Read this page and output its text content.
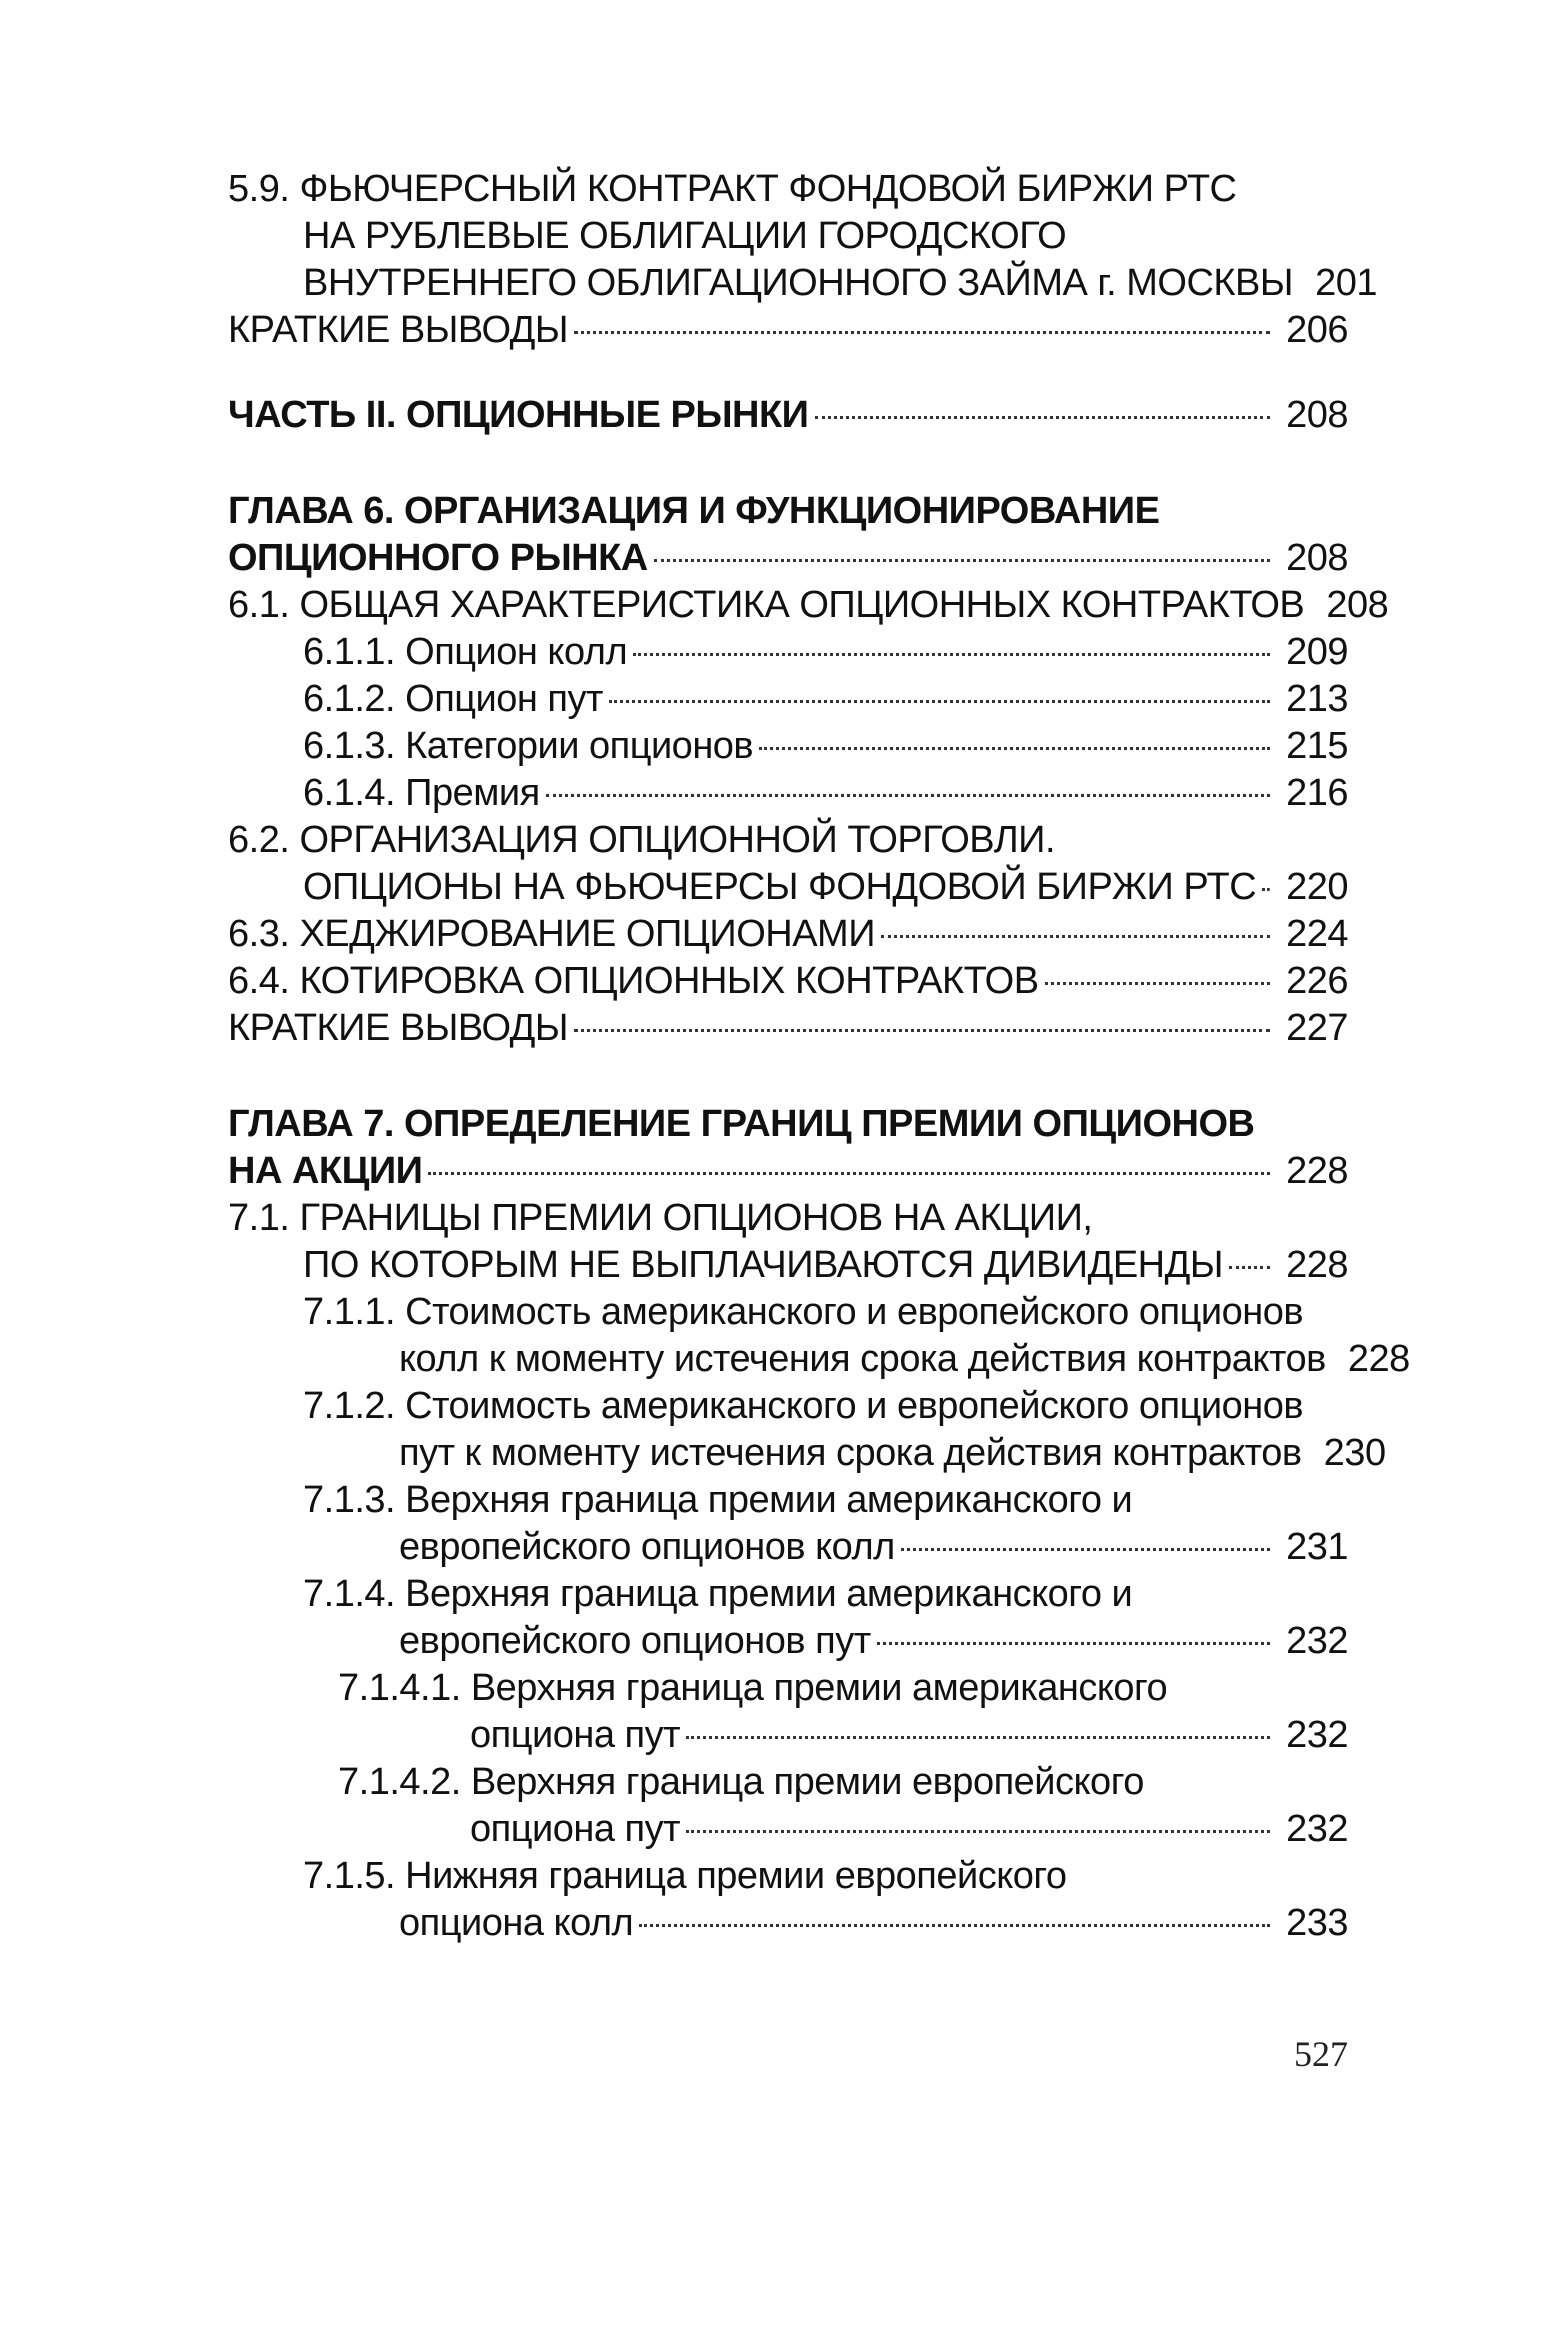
5.9. ФЬЮЧЕРСНЫЙ КОНТРАКТ ФОНДОВОЙ БИРЖИ РТС
НА РУБЛЕВЫЕ ОБЛИГАЦИИ ГОРОДСКОГО
ВНУТРЕННЕГО ОБЛИГАЦИОННОГО ЗАЙМА г. МОСКВЫ 201
КРАТКИЕ ВЫВОДЫ	206
ЧАСТЬ II. ОПЦИОННЫЕ РЫНКИ	208
ГЛАВА 6. ОРГАНИЗАЦИЯ И ФУНКЦИОНИРОВАНИЕ
ОПЦИОННОГО РЫНКА	208
6.1. ОБЩАЯ ХАРАКТЕРИСТИКА ОПЦИОННЫХ КОНТРАКТОВ 208
6.1.1. Опцион колл	209
6.1.2. Опцион пут	213
6.1.3. Категории опционов	215
6.1.4. Премия	216
6.2. ОРГАНИЗАЦИЯ ОПЦИОННОЙ ТОРГОВЛИ.
ОПЦИОНЫ НА ФЬЮЧЕРСЫ ФОНДОВОЙ БИРЖИ РТС 220
6.3. ХЕДЖИРОВАНИЕ ОПЦИОНАМИ	224
6.4. КОТИРОВКА ОПЦИОННЫХ КОНТРАКТОВ	226
КРАТКИЕ ВЫВОДЫ	227
ГЛАВА 7. ОПРЕДЕЛЕНИЕ ГРАНИЦ ПРЕМИИ ОПЦИОНОВ
НА АКЦИИ	228
7.1. ГРАНИЦЫ ПРЕМИИ ОПЦИОНОВ НА АКЦИИ,
ПО КОТОРЫМ НЕ ВЫПЛАЧИВАЮТСЯ ДИВИДЕНДЫ 228
7.1.1. Стоимость американского и европейского опционов
колл к моменту истечения срока действия контрактов 228
7.1.2. Стоимость американского и европейского опционов
пут к моменту истечения срока действия контрактов 230
7.1.3. Верхняя граница премии американского и
европейского опционов колл	231
7.1.4. Верхняя граница премии американского и
европейского опционов пут	232
7.1.4.1. Верхняя граница премии американского
опциона пут	232
7.1.4.2. Верхняя граница премии европейского
опциона пут	232
7.1.5. Нижняя граница премии европейского
опциона колл	233
527
